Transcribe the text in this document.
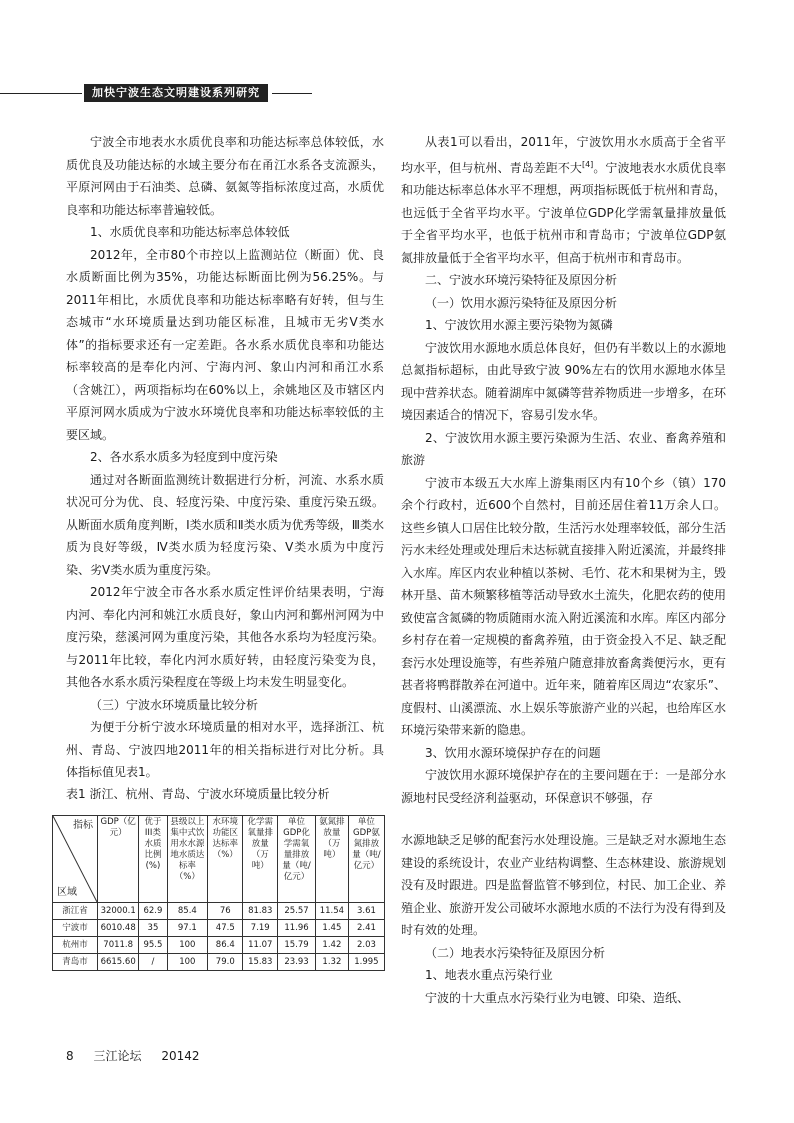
加快宁波生态文明建设系列研究

宁波全市地表水水质优良率和功能达标率总体较低，水质优良及功能达标的水域主要分布在甬江水系各支流源头，平原河网由于石油类、总磷、氨氮等指标浓度过高，水质优良率和功能达标率普遍较低。

1、水质优良率和功能达标率总体较低

2012年，全市80个市控以上监测站位（断面）优、良水质断面比例为35%，功能达标断面比例为56.25%。与2011年相比，水质优良率和功能达标率略有好转，但与生态城市“水环境质量达到功能区标准，且城市无劣V类水体”的指标要求还有一定差距。各水系水质优良率和功能达标率较高的是奉化内河、宁海内河、象山内河和甬江水系（含姚江），两项指标均在60%以上，余姚地区及市辖区内平原河网水质成为宁波水环境优良率和功能达标率较低的主要区域。

2、各水系水质多为轻度到中度污染

通过对各断面监测统计数据进行分析，河流、水系水质状况可分为优、良、轻度污染、中度污染、重度污染五级。从断面水质角度判断，Ⅰ类水质和Ⅱ类水质为优秀等级，Ⅲ类水质为良好等级，Ⅳ类水质为轻度污染、Ⅴ类水质为中度污染、劣Ⅴ类水质为重度污染。

2012年宁波全市各水系水质定性评价结果表明，宁海内河、奉化内河和姚江水质良好，象山内河和鄞州河网为中度污染，慈溪河网为重度污染，其他各水系均为轻度污染。与2011年比较，奉化内河水质好转，由轻度污染变为良，其他各水系水质污染程度在等级上均未发生明显变化。

（三）宁波水环境质量比较分析

为便于分析宁波水环境质量的相对水平，选择浙江、杭州、青岛、宁波四地2011年的相关指标进行对比分析。具体指标值见表1。

表1 浙江、杭州、青岛、宁波水环境质量比较分析
指标
区域	GDP（亿元）	优于III类水质比例(%)	县级以上集中式饮用水水源地水质达标率（%）	水环境功能区达标率（%）	化学需氧量排放量（万吨）	单位GDP化学需氧量排放量（吨/亿元）	氨氮排放量（万吨）	单位GDP氨氮排放量（吨/亿元）
浙江省	32000.1	62.9	85.4	76	81.83	25.57	11.54	3.61
宁波市	6010.48	35	97.1	47.5	7.19	11.96	1.45	2.41
杭州市	7011.8	95.5	100	86.4	11.07	15.79	1.42	2.03
青岛市	6615.60	/	100	79.0	15.83	23.93	1.32	1.995

从表1可以看出，2011年，宁波饮用水水质高于全省平均水平，但与杭州、青岛差距不大[4]。宁波地表水水质优良率和功能达标率总体水平不理想，两项指标既低于杭州和青岛，也远低于全省平均水平。宁波单位GDP化学需氧量排放量低于全省平均水平，也低于杭州市和青岛市；宁波单位GDP氨氮排放量低于全省平均水平，但高于杭州市和青岛市。

二、宁波水环境污染特征及原因分析

（一）饮用水源污染特征及原因分析

1、宁波饮用水源主要污染物为氮磷

宁波饮用水源地水质总体良好，但仍有半数以上的水源地总氮指标超标，由此导致宁波 90%左右的饮用水源地水体呈现中营养状态。随着湖库中氮磷等营养物质进一步增多，在环境因素适合的情况下，容易引发水华。

2、宁波饮用水源主要污染源为生活、农业、畜禽养殖和旅游

宁波市本级五大水库上游集雨区内有10个乡（镇）170余个行政村，近600个自然村，目前还居住着11万余人口。这些乡镇人口居住比较分散，生活污水处理率较低，部分生活污水未经处理或处理后未达标就直接排入附近溪流，并最终排入水库。库区内农业种植以茶树、毛竹、花木和果树为主，毁林开垦、苗木频繁移植等活动导致水土流失，化肥农药的使用致使富含氮磷的物质随雨水流入附近溪流和水库。库区内部分乡村存在着一定规模的畜禽养殖，由于资金投入不足、缺乏配套污水处理设施等，有些养殖户随意排放畜禽粪便污水，更有甚者将鸭群散养在河道中。近年来，随着库区周边“农家乐”、度假村、山溪漂流、水上娱乐等旅游产业的兴起，也给库区水环境污染带来新的隐患。

3、饮用水源环境保护存在的问题

宁波饮用水源环境保护存在的主要问题在于：一是部分水源地村民受经济利益驱动，环保意识不够强，存

水源地缺乏足够的配套污水处理设施。三是缺乏对水源地生态建设的系统设计，农业产业结构调整、生态林建设、旅游规划没有及时跟进。四是监督监管不够到位，村民、加工企业、养殖企业、旅游开发公司破坏水源地水质的不法行为没有得到及时有效的处理。

（二）地表水污染特征及原因分析

1、地表水重点污染行业

宁波的十大重点水污染行业为电镀、印染、造纸、

8 三江论坛 20142
